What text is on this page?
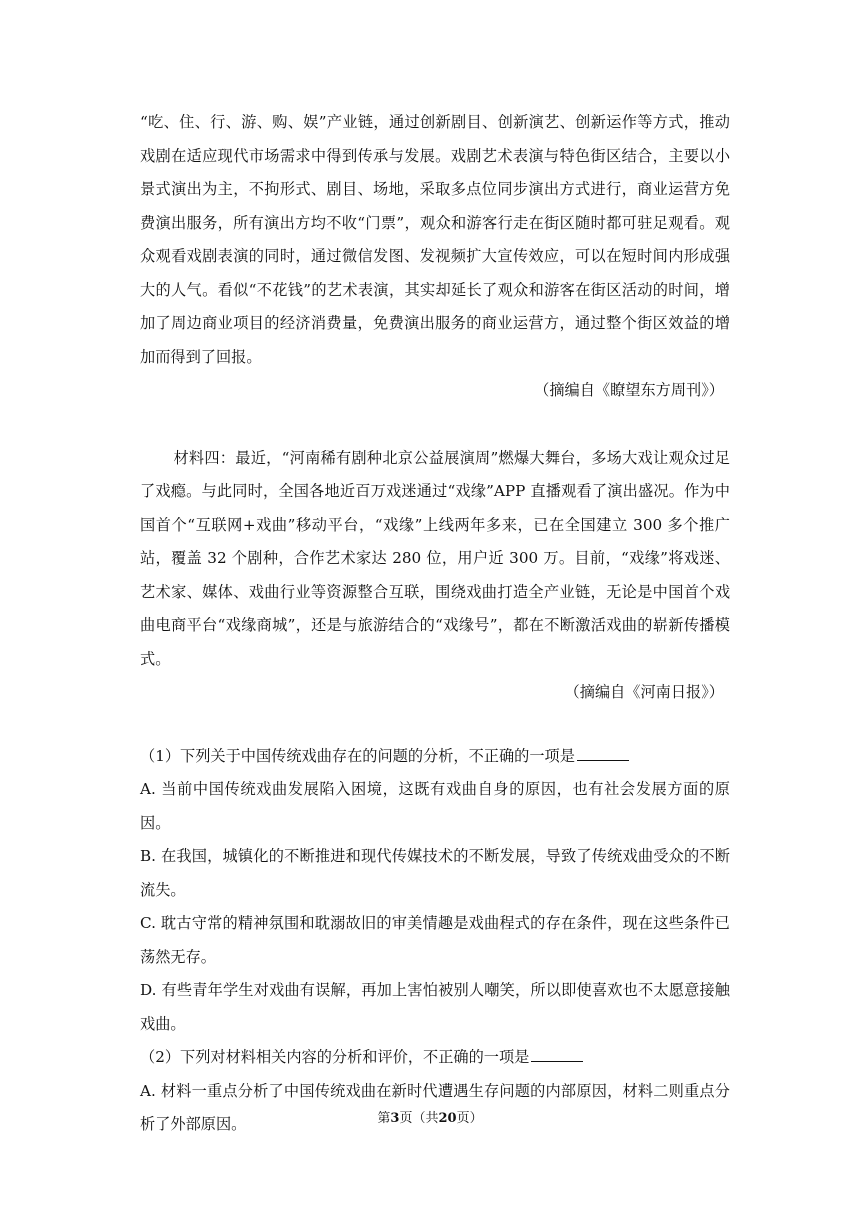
“吃、住、行、游、购、娱”产业链，通过创新剧目、创新演艺、创新运作等方式，推动戏剧在适应现代市场需求中得到传承与发展。戏剧艺术表演与特色街区结合，主要以小景式演出为主，不拘形式、剧目、场地，采取多点位同步演出方式进行，商业运营方免费演出服务，所有演出方均不收“门票”，观众和游客行走在街区随时都可驻足观看。观众观看戏剧表演的同时，通过微信发图、发视频扩大宣传效应，可以在短时间内形成强大的人气。看似“不花钱”的艺术表演，其实却延长了观众和游客在街区活动的时间，增加了周边商业项目的经济消费量，免费演出服务的商业运营方，通过整个街区效益的增加而得到了回报。

（摘编自《瞭望东方周刊》）

材料四：最近，“河南稀有剧种北京公益展演周”燃爆大舞台，多场大戏让观众过足了戏瘾。与此同时，全国各地近百万戏迷通过“戏缘”APP 直播观看了演出盛况。作为中国首个“互联网+戏曲”移动平台，“戏缘”上线两年多来，已在全国建立 300 多个推广站，覆盖 32 个剧种，合作艺术家达 280 位，用户近 300 万。目前，“戏缘”将戏迷、艺术家、媒体、戏曲行业等资源整合互联，围绕戏曲打造全产业链，无论是中国首个戏曲电商平台“戏缘商城”，还是与旅游结合的“戏缘号”，都在不断激活戏曲的崭新传播模式。

（摘编自《河南日报》）

（1）下列关于中国传统戏曲存在的问题的分析，不正确的一项是

A. 当前中国传统戏曲发展陷入困境，这既有戏曲自身的原因，也有社会发展方面的原因。

B. 在我国，城镇化的不断推进和现代传媒技术的不断发展，导致了传统戏曲受众的不断流失。

C. 耽古守常的精神氛围和耽溺故旧的审美情趣是戏曲程式的存在条件，现在这些条件已荡然无存。

D. 有些青年学生对戏曲有误解，再加上害怕被别人嘲笑，所以即使喜欢也不太愿意接触戏曲。

（2）下列对材料相关内容的分析和评价，不正确的一项是

A. 材料一重点分析了中国传统戏曲在新时代遭遇生存问题的内部原因，材料二则重点分析了外部原因。	第3页（共20页）
